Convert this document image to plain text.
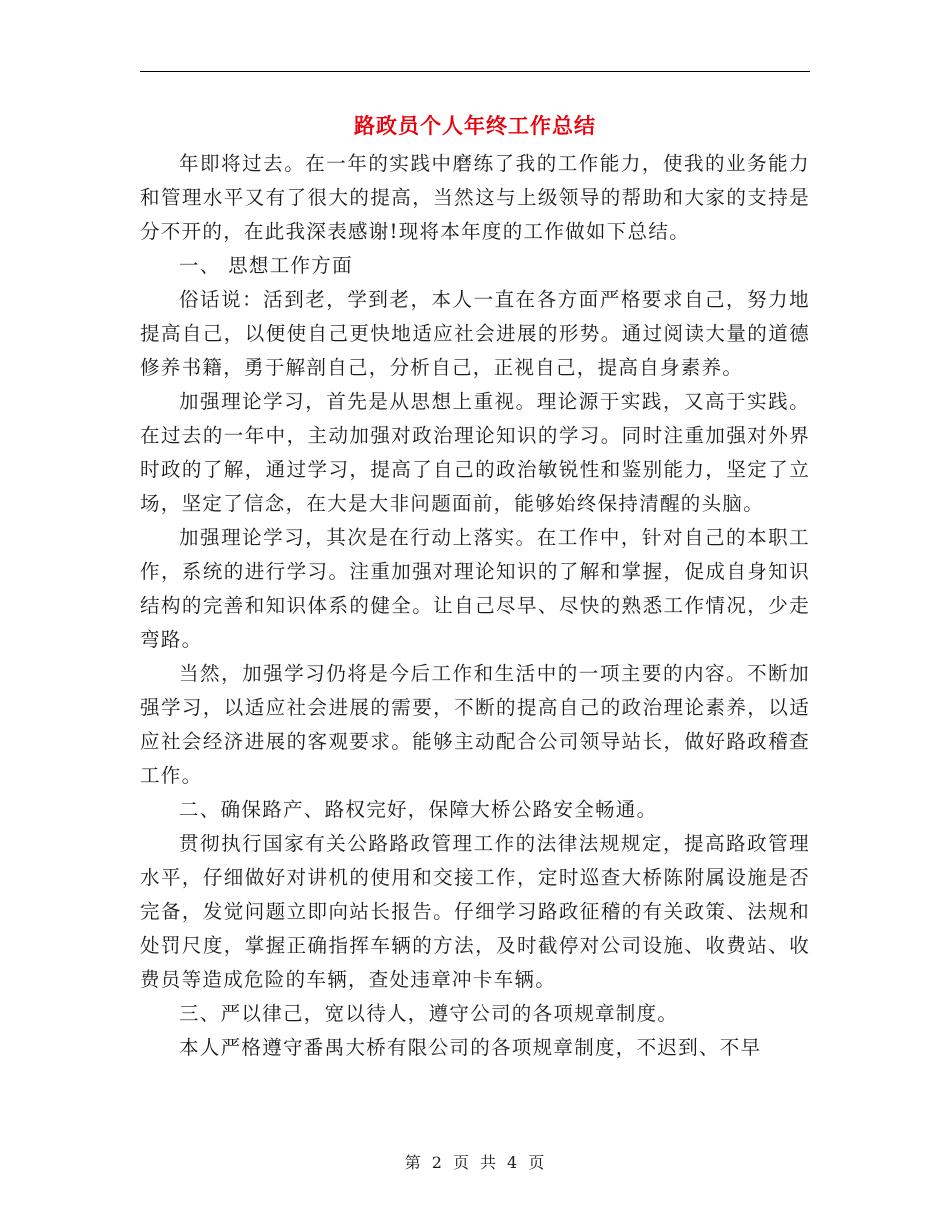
路政员个人年终工作总结

年即将过去。在一年的实践中磨练了我的工作能力，使我的业务能力和管理水平又有了很大的提高，当然这与上级领导的帮助和大家的支持是分不开的，在此我深表感谢!现将本年度的工作做如下总结。

一、 思想工作方面

俗话说：活到老，学到老，本人一直在各方面严格要求自己，努力地提高自己，以便使自己更快地适应社会进展的形势。通过阅读大量的道德修养书籍，勇于解剖自己，分析自己，正视自己，提高自身素养。

加强理论学习，首先是从思想上重视。理论源于实践，又高于实践。在过去的一年中，主动加强对政治理论知识的学习。同时注重加强对外界时政的了解，通过学习，提高了自己的政治敏锐性和鉴别能力，坚定了立场，坚定了信念，在大是大非问题面前，能够始终保持清醒的头脑。

加强理论学习，其次是在行动上落实。在工作中，针对自己的本职工作，系统的进行学习。注重加强对理论知识的了解和掌握，促成自身知识结构的完善和知识体系的健全。让自己尽早、尽快的熟悉工作情况，少走弯路。

当然，加强学习仍将是今后工作和生活中的一项主要的内容。不断加强学习，以适应社会进展的需要，不断的提高自己的政治理论素养，以适应社会经济进展的客观要求。能够主动配合公司领导站长，做好路政稽查工作。

二、确保路产、路权完好，保障大桥公路安全畅通。

贯彻执行国家有关公路路政管理工作的法律法规规定，提高路政管理水平，仔细做好对讲机的使用和交接工作，定时巡查大桥陈附属设施是否完备，发觉问题立即向站长报告。仔细学习路政征稽的有关政策、法规和处罚尺度，掌握正确指挥车辆的方法，及时截停对公司设施、收费站、收费员等造成危险的车辆，查处违章冲卡车辆。

三、严以律己，宽以待人，遵守公司的各项规章制度。

本人严格遵守番禺大桥有限公司的各项规章制度，不迟到、不早

第 2 页 共 4 页
